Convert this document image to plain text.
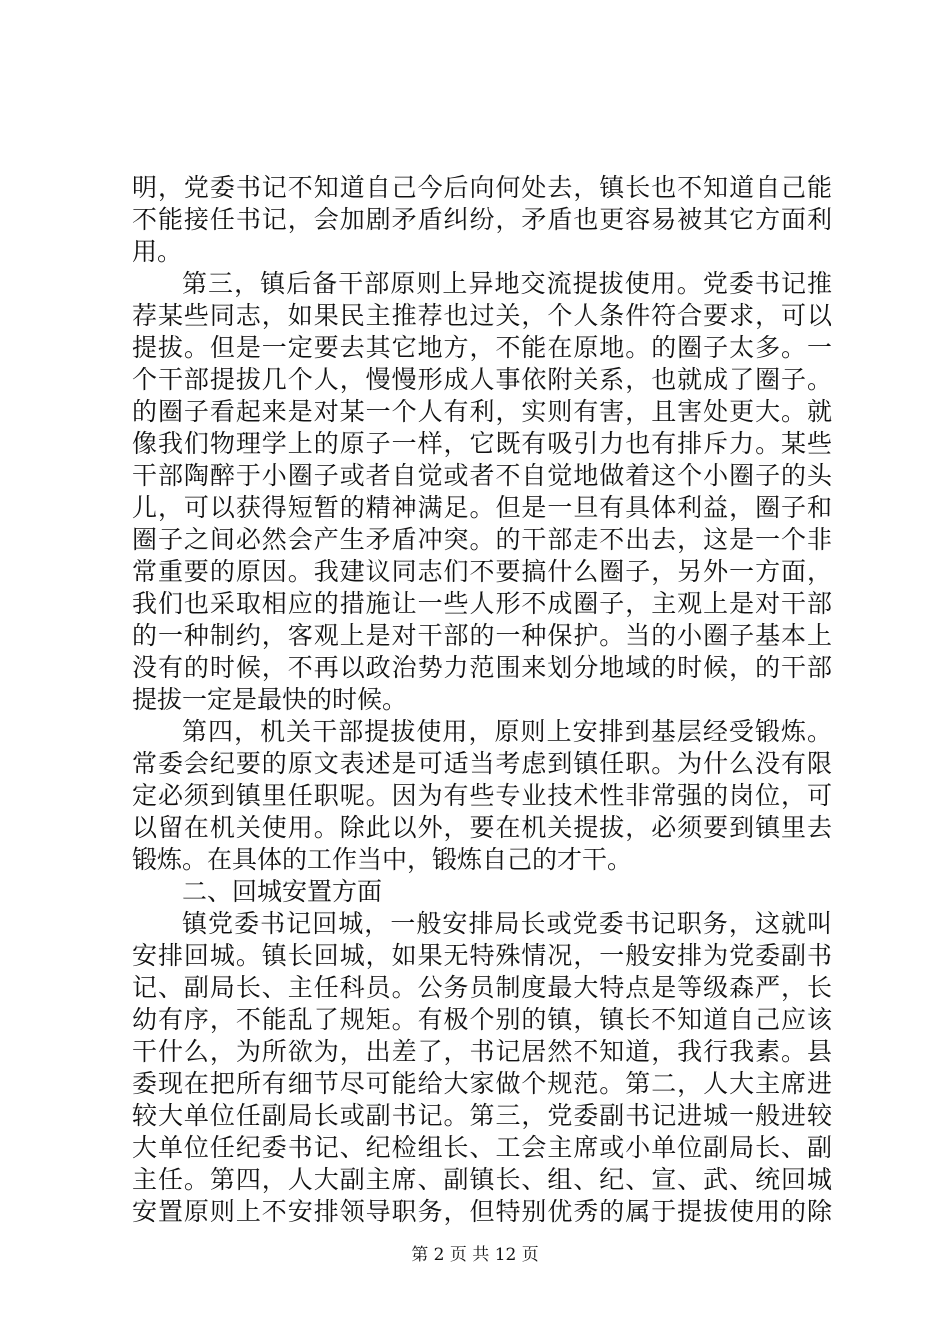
明，党委书记不知道自己今后向何处去，镇长也不知道自己能
不能接任书记，会加剧矛盾纠纷，矛盾也更容易被其它方面利
用。
第三，镇后备干部原则上异地交流提拔使用。党委书记推
荐某些同志，如果民主推荐也过关，个人条件符合要求，可以
提拔。但是一定要去其它地方，不能在原地。的圈子太多。一
个干部提拔几个人，慢慢形成人事依附关系，也就成了圈子。
的圈子看起来是对某一个人有利，实则有害，且害处更大。就
像我们物理学上的原子一样，它既有吸引力也有排斥力。某些
干部陶醉于小圈子或者自觉或者不自觉地做着这个小圈子的头
儿，可以获得短暂的精神满足。但是一旦有具体利益，圈子和
圈子之间必然会产生矛盾冲突。的干部走不出去，这是一个非
常重要的原因。我建议同志们不要搞什么圈子，另外一方面，
我们也采取相应的措施让一些人形不成圈子，主观上是对干部
的一种制约，客观上是对干部的一种保护。当的小圈子基本上
没有的时候，不再以政治势力范围来划分地域的时候，的干部
提拔一定是最快的时候。
第四，机关干部提拔使用，原则上安排到基层经受锻炼。
常委会纪要的原文表述是可适当考虑到镇任职。为什么没有限
定必须到镇里任职呢。因为有些专业技术性非常强的岗位，可
以留在机关使用。除此以外，要在机关提拔，必须要到镇里去
锻炼。在具体的工作当中，锻炼自己的才干。
二、回城安置方面
镇党委书记回城，一般安排局长或党委书记职务，这就叫
安排回城。镇长回城，如果无特殊情况，一般安排为党委副书
记、副局长、主任科员。公务员制度最大特点是等级森严，长
幼有序，不能乱了规矩。有极个别的镇，镇长不知道自己应该
干什么，为所欲为，出差了，书记居然不知道，我行我素。县
委现在把所有细节尽可能给大家做个规范。第二，人大主席进
较大单位任副局长或副书记。第三，党委副书记进城一般进较
大单位任纪委书记、纪检组长、工会主席或小单位副局长、副
主任。第四，人大副主席、副镇长、组、纪、宣、武、统回城
安置原则上不安排领导职务，但特别优秀的属于提拔使用的除
第 2 页 共 12 页
